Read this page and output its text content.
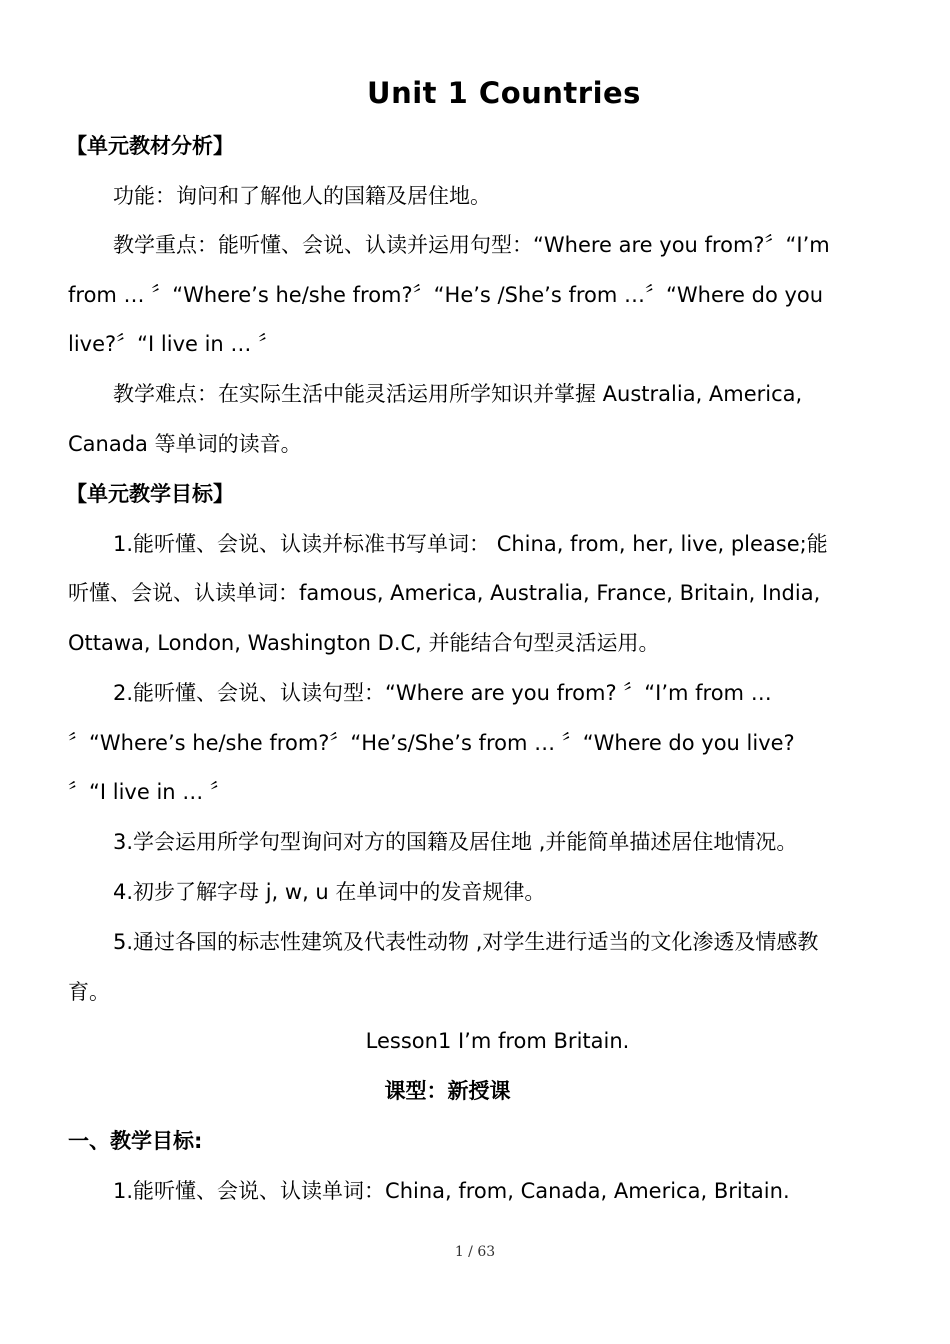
Unit 1 Countries
【单元教材分析】
功能：询问和了解他人的国籍及居住地。
教学重点：能听懂、会说、认读并运用句型：“Where are you from?〞“I’m
from … 〞“Where’s he/she from?〞“He’s /She’s from …〞“Where do you
live?〞“I live in … 〞
教学难点：在实际生活中能灵活运用所学知识并掌握 Australia, America,
Canada 等单词的读音。
【单元教学目标】
1.能听懂、会说、认读并标准书写单词： China, from, her, live, please;能
听懂、会说、认读单词：famous, America, Australia, France, Britain, India,
Ottawa, London, Washington D.C, 并能结合句型灵活运用。
2.能听懂、会说、认读句型：“Where are you from? 〞“I’m from …
〞“Where’s he/she from?〞“He’s/She’s from … 〞“Where do you live?
〞“I live in … 〞
3.学会运用所学句型询问对方的国籍及居住地 ,并能简单描述居住地情况。
4.初步了解字母 j, w, u 在单词中的发音规律。
5.通过各国的标志性建筑及代表性动物 ,对学生进行适当的文化渗透及情感教
育。
Lesson1 I’m from Britain.
课型：新授课
一、教学目标:
1.能听懂、会说、认读单词：China, from, Canada, America, Britain.
1 / 63
